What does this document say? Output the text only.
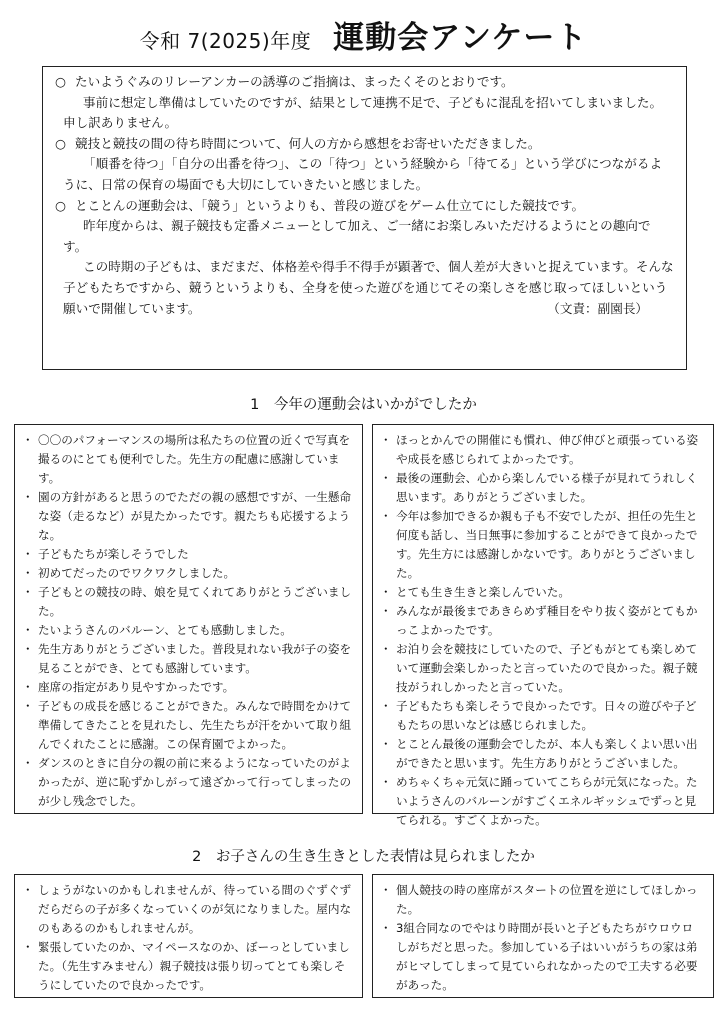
令和 7(2025)年度 運動会アンケート

○ たいようぐみのリレーアンカーの誘導のご指摘は、まったくそのとおりです。

事前に想定し準備はしていたのですが、結果として連携不足で、子どもに混乱を招いてしまいました。申し訳ありません。

○ 競技と競技の間の待ち時間について、何人の方から感想をお寄せいただきました。

「順番を待つ」「自分の出番を待つ」、この「待つ」という経験から「待てる」という学びにつながるように、日常の保育の場面でも大切にしていきたいと感じました。

○ とことんの運動会は、「競う」というよりも、普段の遊びをゲーム仕立てにした競技です。

昨年度からは、親子競技も定番メニューとして加え、ご一緒にお楽しみいただけるようにとの趣向です。

この時期の子どもは、まだまだ、体格差や得手不得手が顕著で、個人差が大きいと捉えています。そんな子どもたちですから、競うというよりも、全身を使った遊びを通じてその楽しさを感じ取ってほしいという願いで開催しています。	（文責：副園長）

1　今年の運動会はいかがでしたか
・ 〇〇のパフォーマンスの場所は私たちの位置の近くで写真を撮るのにとても便利でした。先生方の配慮に感謝しています。
・ 園の方針があると思うのでただの親の感想ですが、一生懸命な姿（走るなど）が見たかったです。親たちも応援するような。
・ 子どもたちが楽しそうでした
・ 初めてだったのでワクワクしました。
・ 子どもとの競技の時、娘を見てくれてありがとうございました。
・ たいようさんのバルーン、とても感動しました。
・ 先生方ありがとうございました。普段見れない我が子の姿を見ることができ、とても感謝しています。
・ 座席の指定があり見やすかったです。
・ 子どもの成長を感じることができた。みんなで時間をかけて準備してきたことを見れたし、先生たちが汗をかいて取り組んでくれたことに感謝。この保育園でよかった。
・ ダンスのときに自分の親の前に来るようになっていたのがよかったが、逆に恥ずかしがって遠ざかって行ってしまったのが少し残念でした。
・ ほっとかんでの開催にも慣れ、伸び伸びと頑張っている姿や成長を感じられてよかったです。
・ 最後の運動会、心から楽しんでいる様子が見れてうれしく思います。ありがとうございました。
・ 今年は参加できるか親も子も不安でしたが、担任の先生と何度も話し、当日無事に参加することができて良かったです。先生方には感謝しかないです。ありがとうございました。
・ とても生き生きと楽しんでいた。
・ みんなが最後まであきらめず種目をやり抜く姿がとてもかっこよかったです。
・ お泊り会を競技にしていたので、子どもがとても楽しめていて運動会楽しかったと言っていたので良かった。親子競技がうれしかったと言っていた。
・ 子どもたちも楽しそうで良かったです。日々の遊びや子どもたちの思いなどは感じられました。
・ とことん最後の運動会でしたが、本人も楽しくよい思い出ができたと思います。先生方ありがとうございました。
・ めちゃくちゃ元気に踊っていてこちらが元気になった。たいようさんのバルーンがすごくエネルギッシュでずっと見てられる。すごくよかった。
2　お子さんの生き生きとした表情は見られましたか
・ しょうがないのかもしれませんが、待っている間のぐずぐずだらだらの子が多くなっていくのが気になりました。屋内なのもあるのかもしれませんが。
・ 緊張していたのか、マイペースなのか、ぼーっとしていました。（先生すみません）親子競技は張り切ってとても楽しそうにしていたので良かったです。
・ 個人競技の時の座席がスタートの位置を逆にしてほしかった。
・ 3組合同なのでやはり時間が長いと子どもたちがウロウロしがちだと思った。参加している子はいいがうちの家は弟がヒマしてしまって見ていられなかったので工夫する必要があった。
